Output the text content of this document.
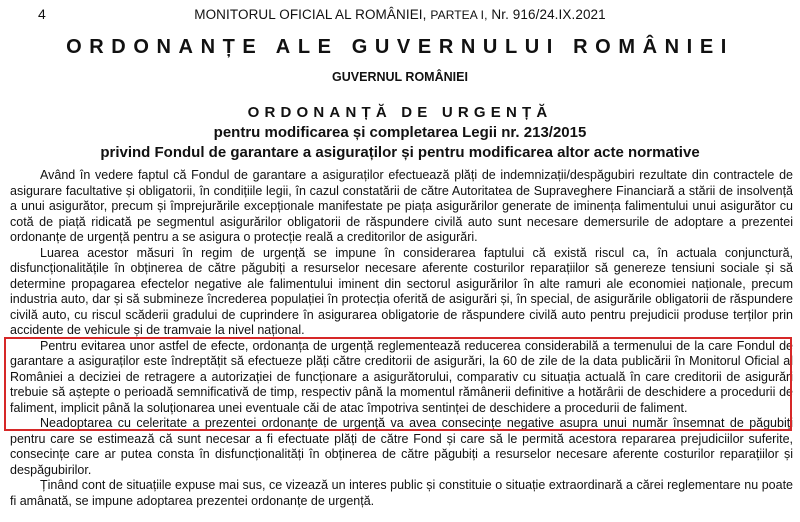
4	MONITORUL OFICIAL AL ROMÂNIEI, PARTEA I, Nr. 916/24.IX.2021
ORDONANȚE ALE GUVERNULUI ROMÂNIEI
GUVERNUL ROMÂNIEI
ORDONANȚĂ DE URGENȚĂ
pentru modificarea și completarea Legii nr. 213/2015
privind Fondul de garantare a asiguraților și pentru modificarea altor acte normative

Având în vedere faptul că Fondul de garantare a asiguraților efectuează plăți de indemnizații/despăgubiri rezultate din contractele de asigurare facultative și obligatorii, în condițiile legii, în cazul constatării de către Autoritatea de Supraveghere Financiară a stării de insolvență a unui asigurător, precum și împrejurările excepționale manifestate pe piața asigurărilor generate de iminența falimentului unui asigurător cu cotă de piață ridicată pe segmentul asigurărilor obligatorii de răspundere civilă auto sunt necesare demersurile de adoptare a prezentei ordonanțe de urgență pentru a se asigura o protecție reală a creditorilor de asigurări.

Luarea acestor măsuri în regim de urgență se impune în considerarea faptului că există riscul ca, în actuala conjunctură, disfuncționalitățile în obținerea de către păgubiți a resurselor necesare aferente costurilor reparațiilor să genereze tensiuni sociale și să determine propagarea efectelor negative ale falimentului iminent din sectorul asigurărilor în alte ramuri ale economiei naționale, precum industria auto, dar și să submineze încrederea populației în protecția oferită de asigurări și, în special, de asigurările obligatorii de răspundere civilă auto, cu riscul scăderii gradului de cuprindere în asigurarea obligatorie de răspundere civilă auto pentru prejudicii produse terților prin accidente de vehicule și de tramvaie la nivel național.

Pentru evitarea unor astfel de efecte, ordonanța de urgență reglementează reducerea considerabilă a termenului de la care Fondul de garantare a asiguraților este îndreptățit să efectueze plăți către creditorii de asigurări, la 60 de zile de la data publicării în Monitorul Oficial al României a deciziei de retragere a autorizației de funcționare a asigurătorului, comparativ cu situația actuală în care creditorii de asigurări trebuie să aștepte o perioadă semnificativă de timp, respectiv până la momentul rămânerii definitive a hotărârii de deschidere a procedurii de faliment, implicit până la soluționarea unei eventuale căi de atac împotriva sentinței de deschidere a procedurii de faliment.

Neadoptarea cu celeritate a prezentei ordonanțe de urgență va avea consecințe negative asupra unui număr însemnat de păgubiți pentru care se estimează că sunt necesar a fi efectuate plăți de către Fond și care să le permită acestora repararea prejudiciilor suferite, consecințe care ar putea consta în disfuncționalități în obținerea de către păgubiți a resurselor necesare aferente costurilor reparațiilor și despăgubirilor.

Ținând cont de situațiile expuse mai sus, ce vizează un interes public și constituie o situație extraordinară a cărei reglementare nu poate fi amânată, se impune adoptarea prezentei ordonanțe de urgență.
